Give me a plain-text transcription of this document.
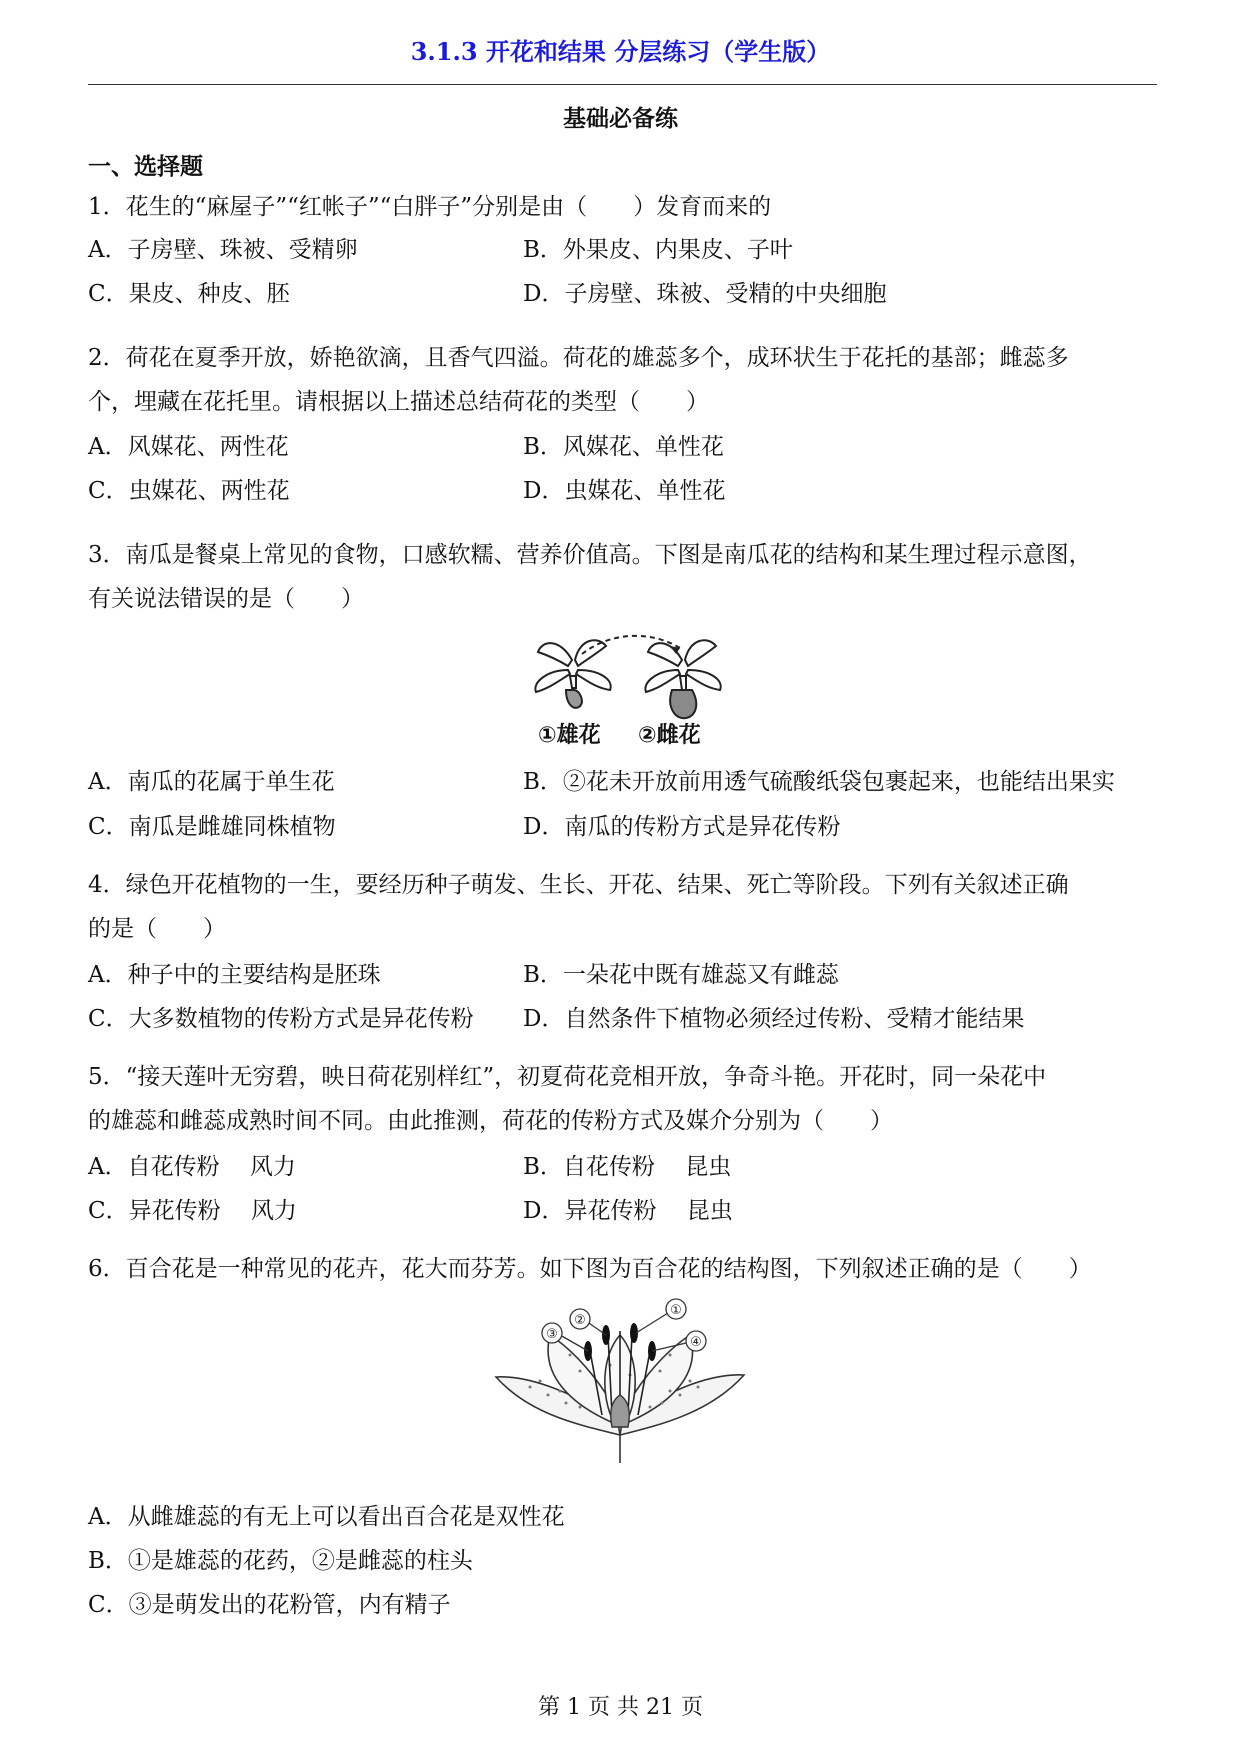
3.1.3 开花和结果 分层练习（学生版）
基础必备练
一、选择题
1．花生的“麻屋子”“红帐子”“白胖子”分别是由（　　）发育而来的
A．子房壁、珠被、受精卵	B．外果皮、内果皮、子叶
C．果皮、种皮、胚	D．子房壁、珠被、受精的中央细胞
2．荷花在夏季开放，娇艳欲滴，且香气四溢。荷花的雄蕊多个，成环状生于花托的基部；雌蕊多
个，埋藏在花托里。请根据以上描述总结荷花的类型（　　）
A．风媒花、两性花	B．风媒花、单性花
C．虫媒花、两性花	D．虫媒花、单性花
3．南瓜是餐桌上常见的食物，口感软糯、营养价值高。下图是南瓜花的结构和某生理过程示意图，
有关说法错误的是（　　）
①雄花 ②雌花
A．南瓜的花属于单生花	B．②花未开放前用透气硫酸纸袋包裹起来，也能结出果实
C．南瓜是雌雄同株植物	D．南瓜的传粉方式是异花传粉
4．绿色开花植物的一生，要经历种子萌发、生长、开花、结果、死亡等阶段。下列有关叙述正确
的是（　　）
A．种子中的主要结构是胚珠	B．一朵花中既有雄蕊又有雌蕊
C．大多数植物的传粉方式是异花传粉 D．自然条件下植物必须经过传粉、受精才能结果
5．“接天莲叶无穷碧，映日荷花别样红”，初夏荷花竞相开放，争奇斗艳。开花时，同一朵花中
的雄蕊和雌蕊成熟时间不同。由此推测，荷花的传粉方式及媒介分别为（　　）
A．自花传粉　 风力	B．自花传粉　 昆虫
C．异花传粉　 风力	D．异花传粉　 昆虫
6．百合花是一种常见的花卉，花大而芬芳。如下图为百合花的结构图，下列叙述正确的是（　　）
①
②
③
④
A．从雌雄蕊的有无上可以看出百合花是双性花
B．①是雄蕊的花药，②是雌蕊的柱头
C．③是萌发出的花粉管，内有精子
第 1 页 共 21 页
